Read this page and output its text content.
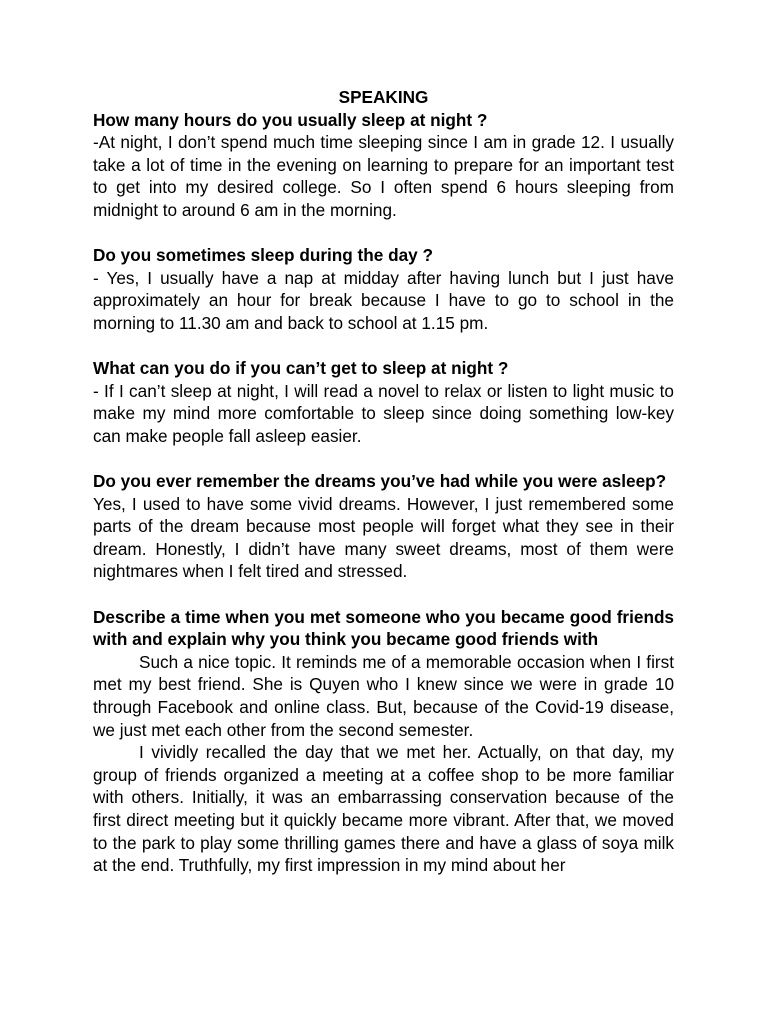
SPEAKING

How many hours do you usually sleep at night ?

-At night, I don’t spend much time sleeping since I am in grade 12. I usually take a lot of time in the evening on learning to prepare for an important test to get into my desired college. So I often spend 6 hours sleeping from midnight to around 6 am in the morning.

Do you sometimes sleep during the day ?

- Yes, I usually have a nap at midday after having lunch but I just have approximately an hour for break because I have to go to school in the morning to 11.30 am and back to school at 1.15 pm.

What can you do if you can’t get to sleep at night ?

- If I can’t sleep at night, I will read a novel to relax or listen to light music to make my mind more comfortable to sleep since doing something low-key can make people fall asleep easier.

Do you ever remember the dreams you’ve had while you were asleep?

Yes, I used to have some vivid dreams. However, I just remembered some parts of the dream because most people will forget what they see in their dream. Honestly, I didn’t have many sweet dreams, most of them were nightmares when I felt tired and stressed.

Describe a time when you met someone who you became good friends with and explain why you think you became good friends with

Such a nice topic. It reminds me of a memorable occasion when I first met my best friend. She is Quyen who I knew since we were in grade 10 through Facebook and online class. But, because of the Covid-19 disease, we just met each other from the second semester.

I vividly recalled the day that we met her. Actually, on that day, my group of friends organized a meeting at a coffee shop to be more familiar with others. Initially, it was an embarrassing conservation because of the first direct meeting but it quickly became more vibrant. After that, we moved to the park to play some thrilling games there and have a glass of soya milk at the end. Truthfully, my first impression in my mind about her
